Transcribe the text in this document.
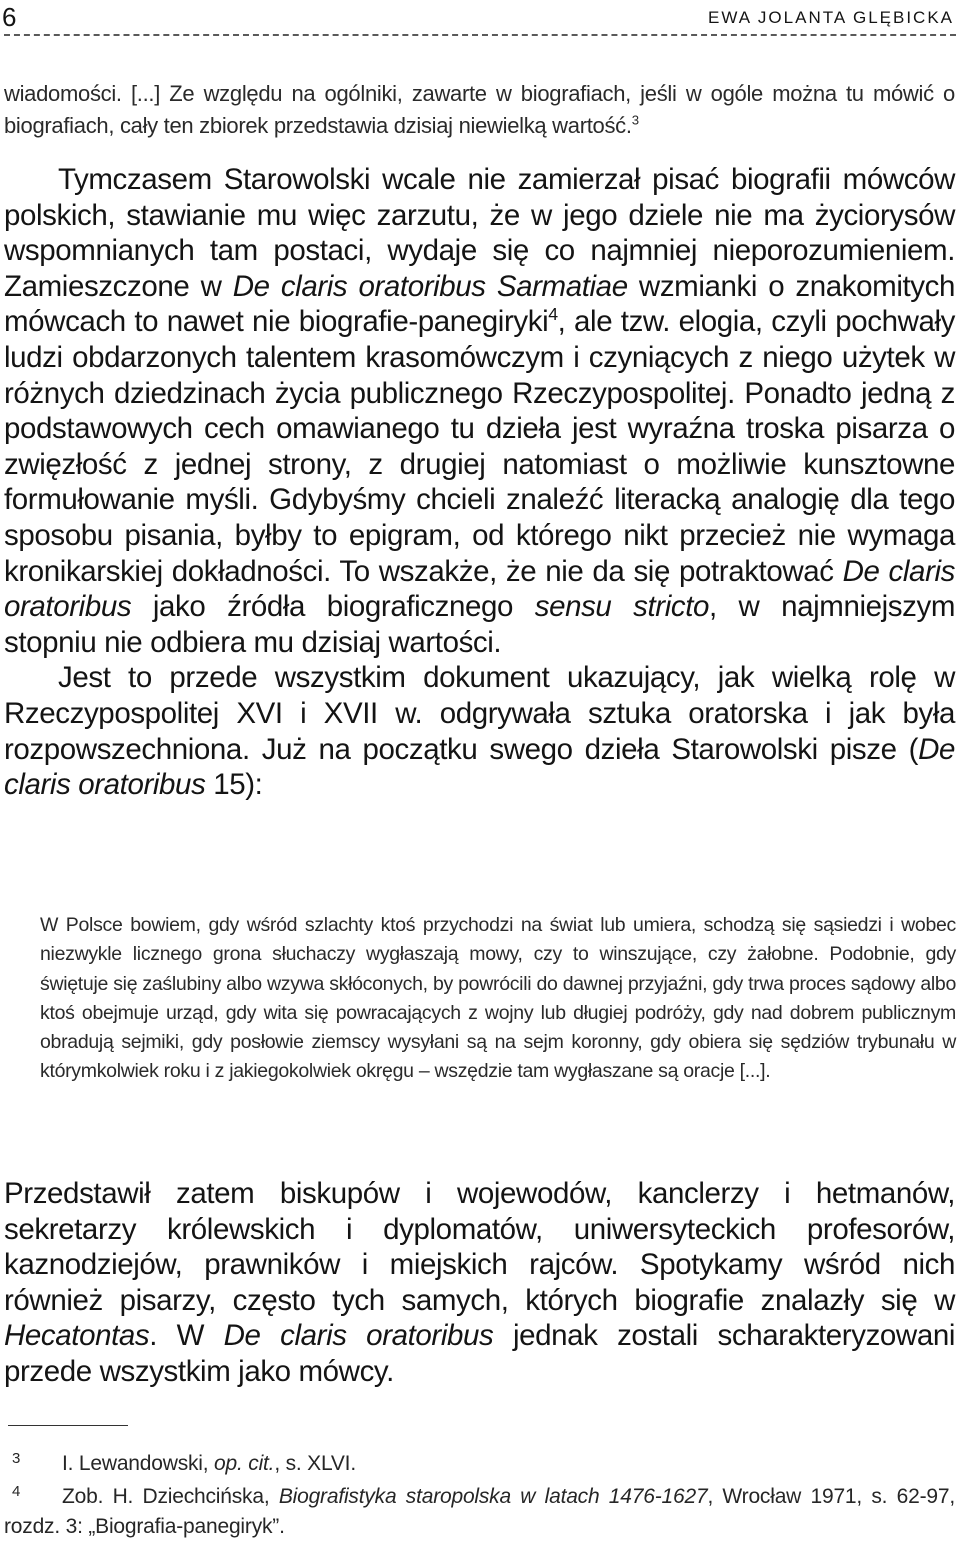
6	EWA JOLANTA GLĘBICKA

wiadomości. [...] Ze względu na ogólniki, zawarte w biografiach, jeśli w ogóle można tu mówić o biografiach, cały ten zbiorek przedstawia dzisiaj niewielką wartość.$^3$

Tymczasem Starowolski wcale nie zamierzał pisać biografii mówców polskich, stawianie mu więc zarzutu, że w jego dziele nie ma życiorysów wspomnianych tam postaci, wydaje się co najmniej nieporozumieniem. Zamieszczone w De claris oratoribus Sarmatiae wzmianki o znakomitych mówcach to nawet nie biografie-panegiryki$^4$, ale tzw. elogia, czyli pochwały ludzi obdarzonych talentem krasomówczym i czyniących z niego użytek w różnych dziedzinach życia publicznego Rzeczypospolitej. Ponadto jedną z podstawowych cech omawianego tu dzieła jest wyraźna troska pisarza o zwięzłość z jednej strony, z drugiej natomiast o możliwie kunsztowne formułowanie myśli. Gdybyśmy chcieli znaleźć literacką analogię dla tego sposobu pisania, byłby to epigram, od którego nikt przecież nie wymaga kronikarskiej dokładności. To wszakże, że nie da się potraktować De claris oratoribus jako źródła biograficznego sensu stricto, w najmniejszym stopniu nie odbiera mu dzisiaj wartości.

Jest to przede wszystkim dokument ukazujący, jak wielką rolę w Rzeczypospolitej XVI i XVII w. odgrywała sztuka oratorska i jak była rozpowszechniona. Już na początku swego dzieła Starowolski pisze (De claris oratoribus 15):

W Polsce bowiem, gdy wśród szlachty ktoś przychodzi na świat lub umiera, schodzą się sąsiedzi i wobec niezwykle licznego grona słuchaczy wygłaszają mowy, czy to winszujące, czy żałobne. Podobnie, gdy świętuje się zaślubiny albo wzywa skłóconych, by powrócili do dawnej przyjaźni, gdy trwa proces sądowy albo ktoś obejmuje urząd, gdy wita się powracających z wojny lub długiej podróży, gdy nad dobrem publicznym obradują sejmiki, gdy posłowie ziemscy wysyłani są na sejm koronny, gdy obiera się sędziów trybunału w którymkolwiek roku i z jakiegokolwiek okręgu – wszędzie tam wygłaszane są oracje [...].

Przedstawił zatem biskupów i wojewodów, kanclerzy i hetmanów, sekretarzy królewskich i dyplomatów, uniwersyteckich profesorów, kaznodziejów, prawników i miejskich rajców. Spotykamy wśród nich również pisarzy, często tych samych, których biografie znalazły się w Hecatontas. W De claris oratoribus jednak zostali scharakteryzowani przede wszystkim jako mówcy.

3 I. Lewandowski, op. cit., s. XLVI.

4 Zob. H. Dziechcińska, Biografistyka staropolska w latach 1476-1627, Wrocław 1971, s. 62-97, rozdz. 3: „Biografia-panegiryk”.
